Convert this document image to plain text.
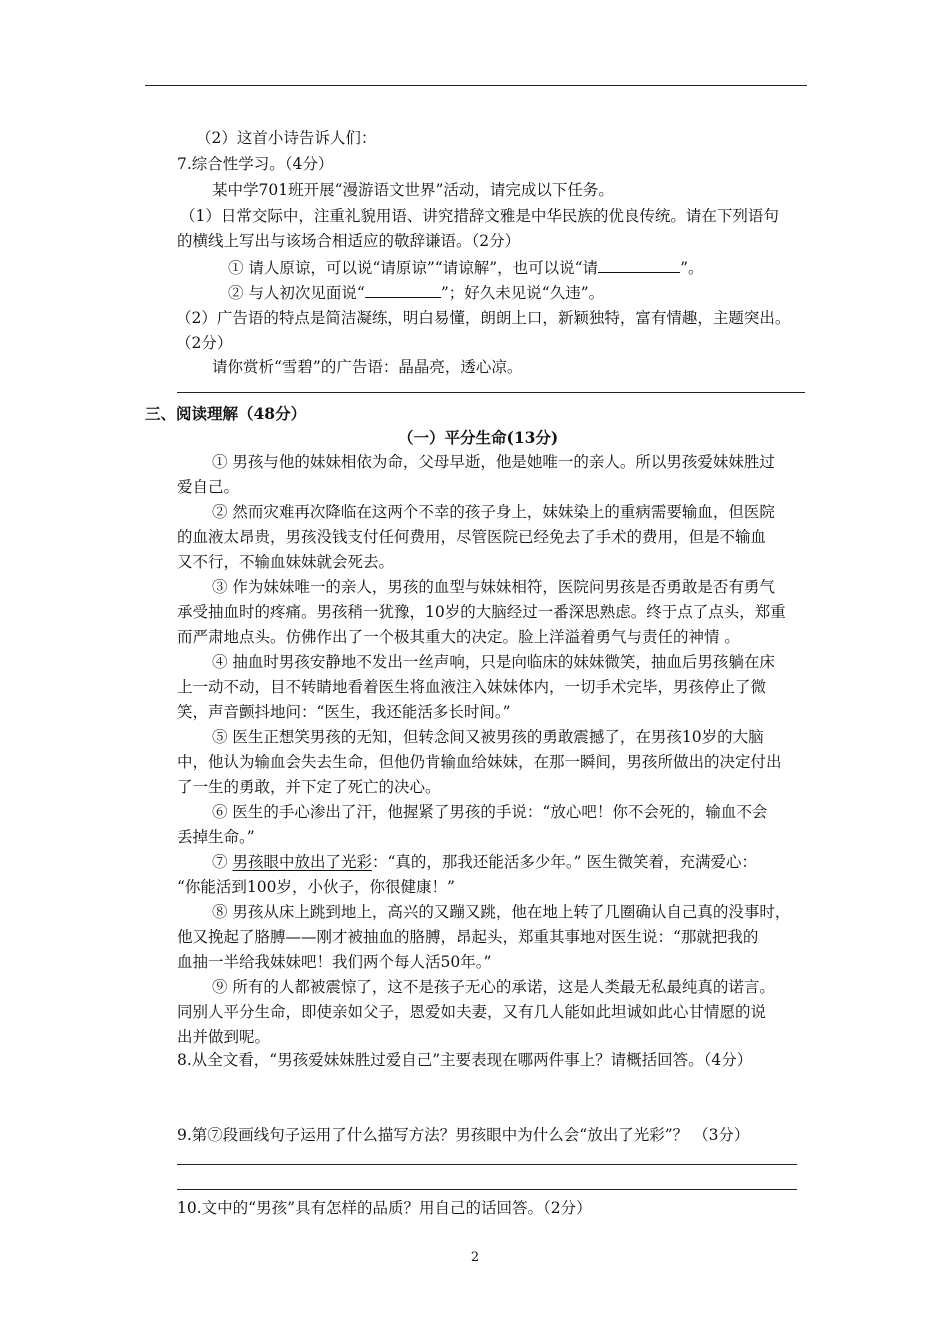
（2）这首小诗告诉人们：
7.综合性学习。（4分）
某中学701班开展“漫游语文世界”活动，请完成以下任务。
（1）日常交际中，注重礼貌用语、讲究措辞文雅是中华民族的优良传统。请在下列语句
的横线上写出与该场合相适应的敬辞谦语。（2分）
① 请人原谅，可以说“请原谅”“请谅解”，也可以说“请	”。
② 与人初次见面说“	”；好久未见说“久违”。
（2）广告语的特点是简洁凝练，明白易懂，朗朗上口，新颖独特，富有情趣，主题突出。
（2分）
请你赏析“雪碧”的广告语：晶晶亮，透心凉。
三、阅读理解（48分）
（一）平分生命(13分)
① 男孩与他的妹妹相依为命，父母早逝，他是她唯一的亲人。所以男孩爱妹妹胜过
爱自己。
② 然而灾难再次降临在这两个不幸的孩子身上，妹妹染上的重病需要输血，但医院
的血液太昂贵，男孩没钱支付任何费用，尽管医院已经免去了手术的费用，但是不输血
又不行，不输血妹妹就会死去。
③ 作为妹妹唯一的亲人，男孩的血型与妹妹相符，医院问男孩是否勇敢是否有勇气
承受抽血时的疼痛。男孩稍一犹豫，10岁的大脑经过一番深思熟虑。终于点了点头，郑重
而严肃地点头。仿佛作出了一个极其重大的决定。脸上洋溢着勇气与责任的神情 。
④ 抽血时男孩安静地不发出一丝声响，只是向临床的妹妹微笑，抽血后男孩躺在床
上一动不动，目不转睛地看着医生将血液注入妹妹体内，一切手术完毕，男孩停止了微
笑，声音颤抖地问：“医生，我还能活多长时间。”
⑤ 医生正想笑男孩的无知，但转念间又被男孩的勇敢震撼了，在男孩10岁的大脑
中，他认为输血会失去生命，但他仍肯输血给妹妹，在那一瞬间，男孩所做出的决定付出
了一生的勇敢，并下定了死亡的决心。
⑥ 医生的手心渗出了汗，他握紧了男孩的手说：“放心吧！你不会死的，输血不会
丢掉生命。”
⑦ 男孩眼中放出了光彩：“真的，那我还能活多少年。” 医生微笑着，充满爱心：
“你能活到100岁，小伙子，你很健康！”
⑧ 男孩从床上跳到地上，高兴的又蹦又跳，他在地上转了几圈确认自己真的没事时，
他又挽起了胳膊——刚才被抽血的胳膊，昂起头，郑重其事地对医生说：“那就把我的
血抽一半给我妹妹吧！我们两个每人活50年。”
⑨ 所有的人都被震惊了，这不是孩子无心的承诺，这是人类最无私最纯真的诺言。
同别人平分生命，即使亲如父子，恩爱如夫妻，又有几人能如此坦诚如此心甘情愿的说
出并做到呢。
8.从全文看，“男孩爱妹妹胜过爱自己”主要表现在哪两件事上？请概括回答。（4分）
9.第⑦段画线句子运用了什么描写方法？男孩眼中为什么会“放出了光彩”？ （3分）
10.文中的“男孩”具有怎样的品质？用自己的话回答。（2分）
2
